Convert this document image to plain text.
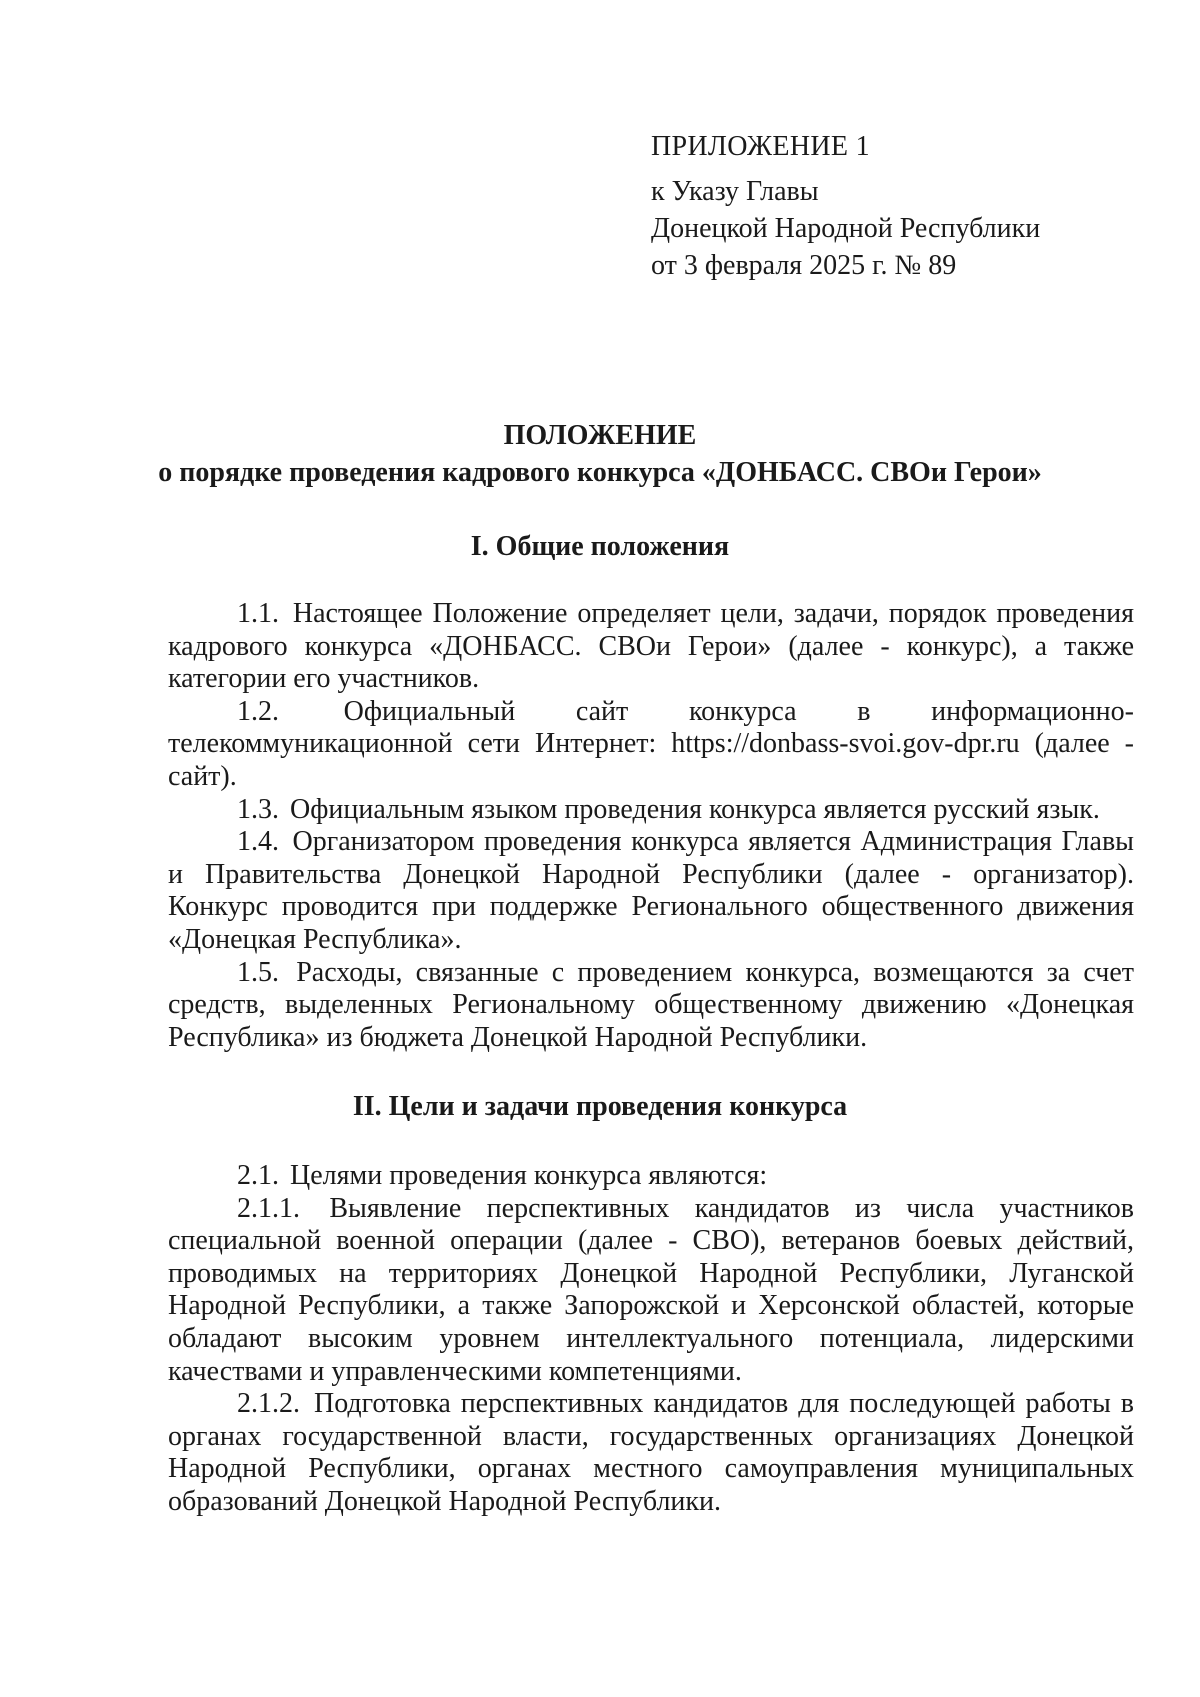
ПРИЛОЖЕНИЕ 1
к Указу Главы
Донецкой Народной Республики
от 3 февраля 2025 г. № 89
ПОЛОЖЕНИЕ
о порядке проведения кадрового конкурса «ДОНБАСС. СВОи Герои»
I. Общие положения

1.1. Настоящее Положение определяет цели, задачи, порядок проведения кадрового конкурса «ДОНБАСС. СВОи Герои» (далее - конкурс), а также категории его участников.

1.2. Официальный сайт конкурса в информационно-телекоммуникационной сети Интернет: https://donbass-svoi.gov-dpr.ru (далее - сайт).

1.3. Официальным языком проведения конкурса является русский язык.

1.4. Организатором проведения конкурса является Администрация Главы и Правительства Донецкой Народной Республики (далее - организатор). Конкурс проводится при поддержке Регионального общественного движения «Донецкая Республика».

1.5. Расходы, связанные с проведением конкурса, возмещаются за счет средств, выделенных Региональному общественному движению «Донецкая Республика» из бюджета Донецкой Народной Республики.

II. Цели и задачи проведения конкурса

2.1. Целями проведения конкурса являются:

2.1.1. Выявление перспективных кандидатов из числа участников специальной военной операции (далее - СВО), ветеранов боевых действий, проводимых на территориях Донецкой Народной Республики, Луганской Народной Республики, а также Запорожской и Херсонской областей, которые обладают высоким уровнем интеллектуального потенциала, лидерскими качествами и управленческими компетенциями.

2.1.2. Подготовка перспективных кандидатов для последующей работы в органах государственной власти, государственных организациях Донецкой Народной Республики, органах местного самоуправления муниципальных образований Донецкой Народной Республики.
